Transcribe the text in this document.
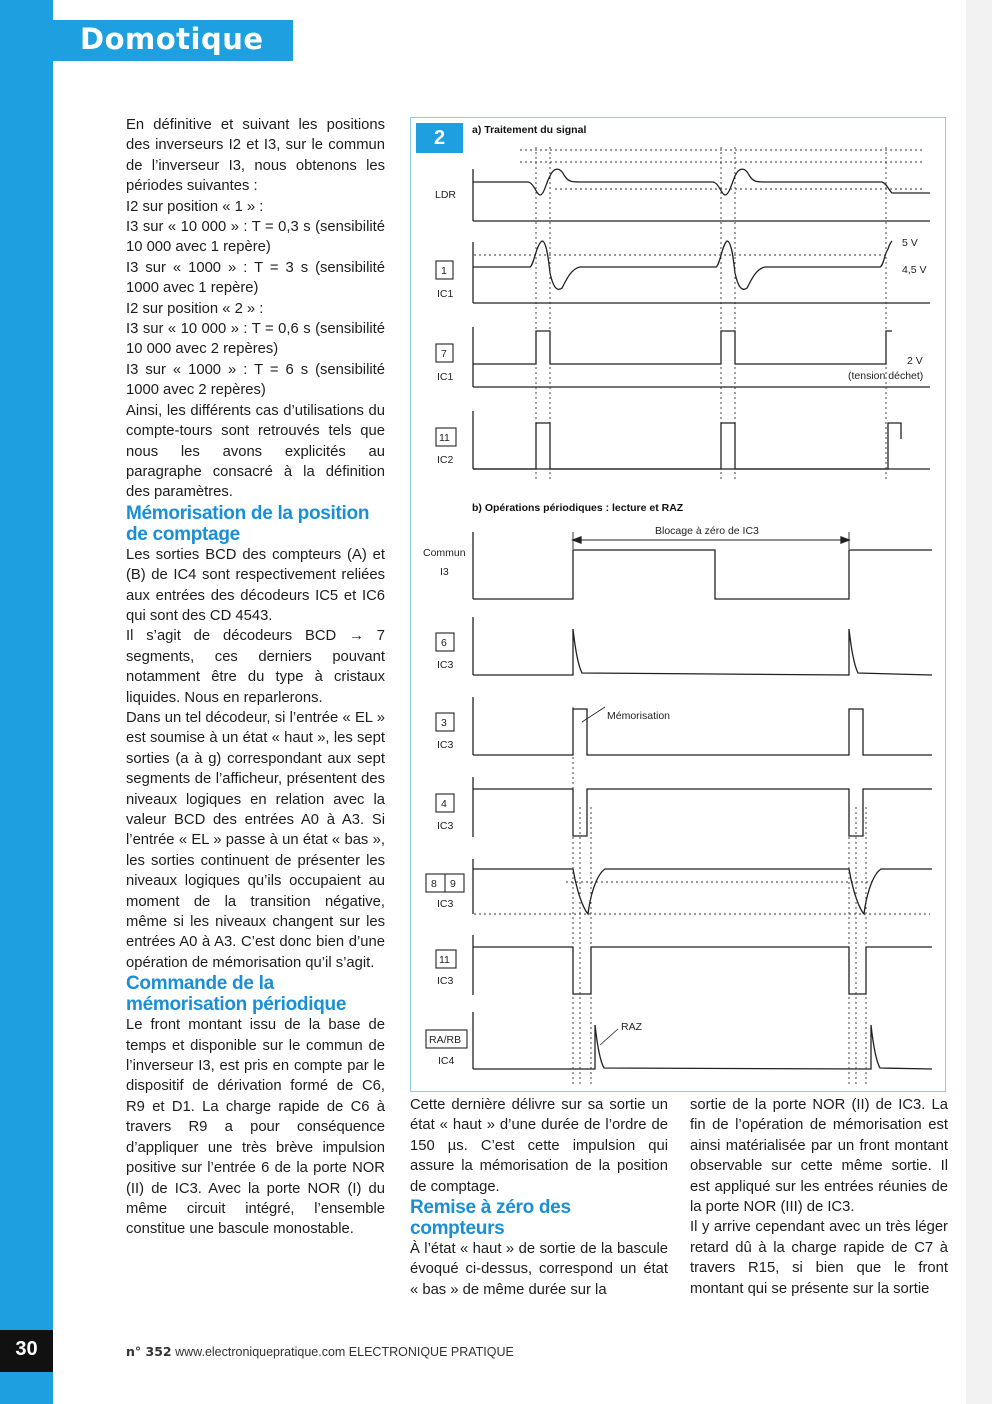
Domotique

En définitive et suivant les positions des inverseurs I2 et I3, sur le commun de l’inverseur I3, nous obtenons les périodes suivantes :

I2 sur position « 1 » :

I3 sur « 10 000 » : T = 0,3 s (sensibilité 10 000 avec 1 repère)

I3 sur « 1000 » : T = 3 s (sensibilité 1000 avec 1 repère)

I2 sur position « 2 » :

I3 sur « 10 000 » : T = 0,6 s (sensibilité 10 000 avec 2 repères)

I3 sur « 1000 » : T = 6 s (sensibilité 1000 avec 2 repères)

Ainsi, les différents cas d’utilisations du compte-tours sont retrouvés tels que nous les avons explicités au paragraphe consacré à la définition des paramètres.

Mémorisation de la position de comptage

Les sorties BCD des compteurs (A) et (B) de IC4 sont respectivement reliées aux entrées des décodeurs IC5 et IC6 qui sont des CD 4543.

Il s’agit de décodeurs BCD → 7 segments, ces derniers pouvant notamment être du type à cristaux liquides. Nous en reparlerons.

Dans un tel décodeur, si l’entrée « EL » est soumise à un état « haut », les sept sorties (a à g) correspondant aux sept segments de l’afficheur, présentent des niveaux logiques en relation avec la valeur BCD des entrées A0 à A3. Si l’entrée « EL » passe à un état « bas », les sorties continuent de présenter les niveaux logiques qu’ils occupaient au moment de la transition négative, même si les niveaux changent sur les entrées A0 à A3. C’est donc bien d’une opération de mémorisation qu’il s’agit.

Commande de la mémorisation périodique

Le front montant issu de la base de temps et disponible sur le commun de l’inverseur I3, est pris en compte par le dispositif de dérivation formé de C6, R9 et D1. La charge rapide de C6 à travers R9 a pour conséquence d’appliquer une très brève impulsion positive sur l’entrée 6 de la porte NOR (II) de IC3. Avec la porte NOR (I) du même circuit intégré, l’ensemble constitue une bascule monostable.

Cette dernière délivre sur sa sortie un état « haut » d’une durée de l’ordre de 150 µs. C’est cette impulsion qui assure la mémorisation de la position de comptage.

Remise à zéro des compteurs

À l’état « haut » de sortie de la bascule évoqué ci-dessus, correspond un état « bas » de même durée sur la

sortie de la porte NOR (II) de IC3. La fin de l’opération de mémorisation est ainsi matérialisée par un front montant observable sur cette même sortie. Il est appliqué sur les entrées réunies de la porte NOR (III) de IC3.

Il y arrive cependant avec un très léger retard dû à la charge rapide de C7 à travers R15, si bien que le front montant qui se présente sur la sortie

2	a) Traitement du signal
b) Opérations périodiques : lecture et RAZ
LDR
1
IC1
5 V
4,5 V
7
IC1
2 V
(tension déchet)
11
IC2
Blocage à zéro de IC3
Commun
I3
6
IC3
3
IC3
Mémorisation
4
IC3
8 9
IC3
11
IC3
RA/RB
IC4
RAZ
30	n° 352 www.electroniquepratique.com ELECTRONIQUE PRATIQUE
